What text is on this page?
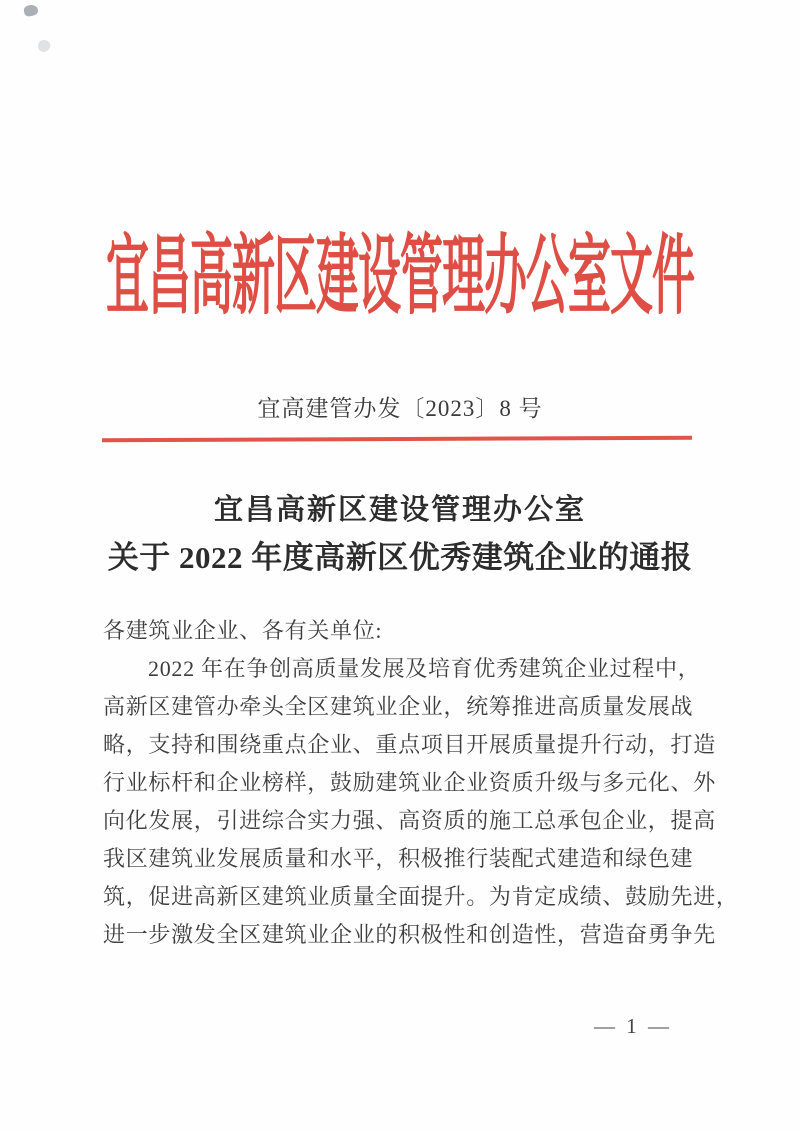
宜昌高新区建设管理办公室文件
宜高建管办发〔2023〕8 号
宜昌高新区建设管理办公室
关于 2022 年度高新区优秀建筑企业的通报
各建筑业企业、各有关单位:
2022 年在争创高质量发展及培育优秀建筑企业过程中，
高新区建管办牵头全区建筑业企业，统筹推进高质量发展战
略，支持和围绕重点企业、重点项目开展质量提升行动，打造
行业标杆和企业榜样，鼓励建筑业企业资质升级与多元化、外
向化发展，引进综合实力强、高资质的施工总承包企业，提高
我区建筑业发展质量和水平，积极推行装配式建造和绿色建
筑，促进高新区建筑业质量全面提升。为肯定成绩、鼓励先进，
进一步激发全区建筑业企业的积极性和创造性，营造奋勇争先
— 1 —
